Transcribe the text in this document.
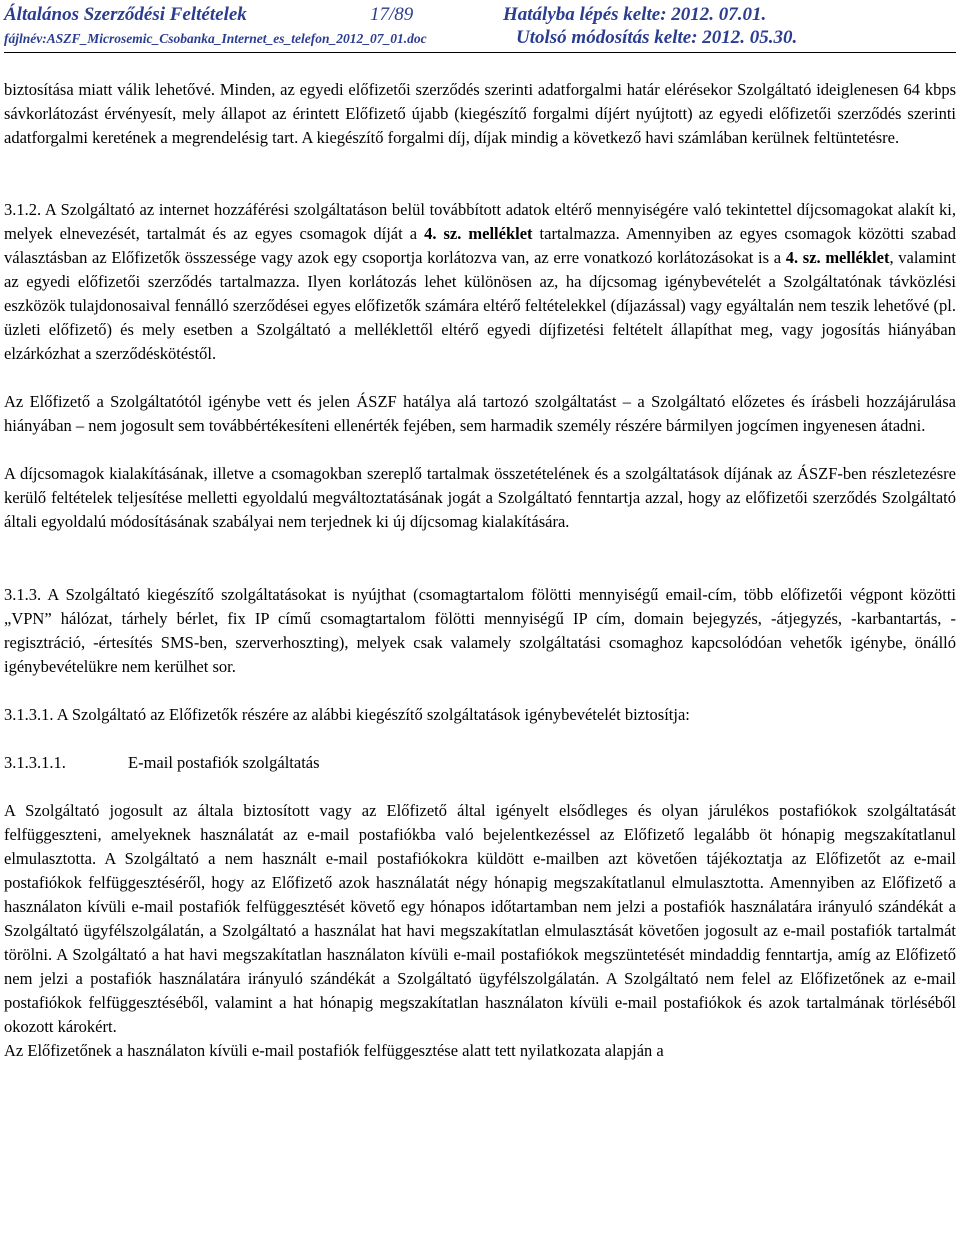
Általános Szerződési Feltételek	17/89	Hatályba lépés kelte: 2012. 07.01.
fájlnév:ASZF_Microsemic_Csobanka_Internet_es_telefon_2012_07_01.doc	Utolsó módosítás kelte: 2012. 05.30.

biztosítása miatt válik lehetővé. Minden, az egyedi előfizetői szerződés szerinti adatforgalmi határ elérésekor Szolgáltató ideiglenesen 64 kbps sávkorlátozást érvényesít, mely állapot az érintett Előfizető újabb (kiegészítő forgalmi díjért nyújtott) az egyedi előfizetői szerződés szerinti adatforgalmi keretének a megrendelésig tart. A kiegészítő forgalmi díj, díjak mindig a következő havi számlában kerülnek feltüntetésre.

3.1.2. A Szolgáltató az internet hozzáférési szolgáltatáson belül továbbított adatok eltérő mennyiségére való tekintettel díjcsomagokat alakít ki, melyek elnevezését, tartalmát és az egyes csomagok díját a 4. sz. melléklet tartalmazza. Amennyiben az egyes csomagok közötti szabad választásban az Előfizetők összessége vagy azok egy csoportja korlátozva van, az erre vonatkozó korlátozásokat is a 4. sz. melléklet, valamint az egyedi előfizetői szerződés tartalmazza. Ilyen korlátozás lehet különösen az, ha díjcsomag igénybevételét a Szolgáltatónak távközlési eszközök tulajdonosaival fennálló szerződései egyes előfizetők számára eltérő feltételekkel (díjazással) vagy egyáltalán nem teszik lehetővé (pl. üzleti előfizető) és mely esetben a Szolgáltató a melléklettől eltérő egyedi díjfizetési feltételt állapíthat meg, vagy jogosítás hiányában elzárkózhat a szerződéskötéstől.

Az Előfizető a Szolgáltatótól igénybe vett és jelen ÁSZF hatálya alá tartozó szolgáltatást – a Szolgáltató előzetes és írásbeli hozzájárulása hiányában – nem jogosult sem továbbértékesíteni ellenérték fejében, sem harmadik személy részére bármilyen jogcímen ingyenesen átadni.

A díjcsomagok kialakításának, illetve a csomagokban szereplő tartalmak összetételének és a szolgáltatások díjának az ÁSZF-ben részletezésre kerülő feltételek teljesítése melletti egyoldalú megváltoztatásának jogát a Szolgáltató fenntartja azzal, hogy az előfizetői szerződés Szolgáltató általi egyoldalú módosításának szabályai nem terjednek ki új díjcsomag kialakítására.

3.1.3. A Szolgáltató kiegészítő szolgáltatásokat is nyújthat (csomagtartalom fölötti mennyiségű email-cím, több előfizetői végpont közötti „VPN” hálózat, tárhely bérlet, fix IP című csomagtartalom fölötti mennyiségű IP cím, domain bejegyzés, -átjegyzés, -karbantartás, -regisztráció, -értesítés SMS-ben, szerverhoszting), melyek csak valamely szolgáltatási csomaghoz kapcsolódóan vehetők igénybe, önálló igénybevételükre nem kerülhet sor.

3.1.3.1. A Szolgáltató az Előfizetők részére az alábbi kiegészítő szolgáltatások igénybevételét biztosítja:

3.1.3.1.1.	E-mail postafiók szolgáltatás

A Szolgáltató jogosult az általa biztosított vagy az Előfizető által igényelt elsődleges és olyan járulékos postafiókok szolgáltatását felfüggeszteni, amelyeknek használatát az e-mail postafiókba való bejelentkezéssel az Előfizető legalább öt hónapig megszakítatlanul elmulasztotta. A Szolgáltató a nem használt e-mail postafiókokra küldött e-mailben azt követően tájékoztatja az Előfizetőt az e-mail postafiókok felfüggesztéséről, hogy az Előfizető azok használatát négy hónapig megszakítatlanul elmulasztotta. Amennyiben az Előfizető a használaton kívüli e-mail postafiók felfüggesztését követő egy hónapos időtartamban nem jelzi a postafiók használatára irányuló szándékát a Szolgáltató ügyfélszolgálatán, a Szolgáltató a használat hat havi megszakítatlan elmulasztását követően jogosult az e-mail postafiók tartalmát törölni. A Szolgáltató a hat havi megszakítatlan használaton kívüli e-mail postafiókok megszüntetését mindaddig fenntartja, amíg az Előfizető nem jelzi a postafiók használatára irányuló szándékát a Szolgáltató ügyfélszolgálatán. A Szolgáltató nem felel az Előfizetőnek az e-mail postafiókok felfüggesztéséből, valamint a hat hónapig megszakítatlan használaton kívüli e-mail postafiókok és azok tartalmának törléséből okozott károkért.

Az Előfizetőnek a használaton kívüli e-mail postafiók felfüggesztése alatt tett nyilatkozata alapján a
